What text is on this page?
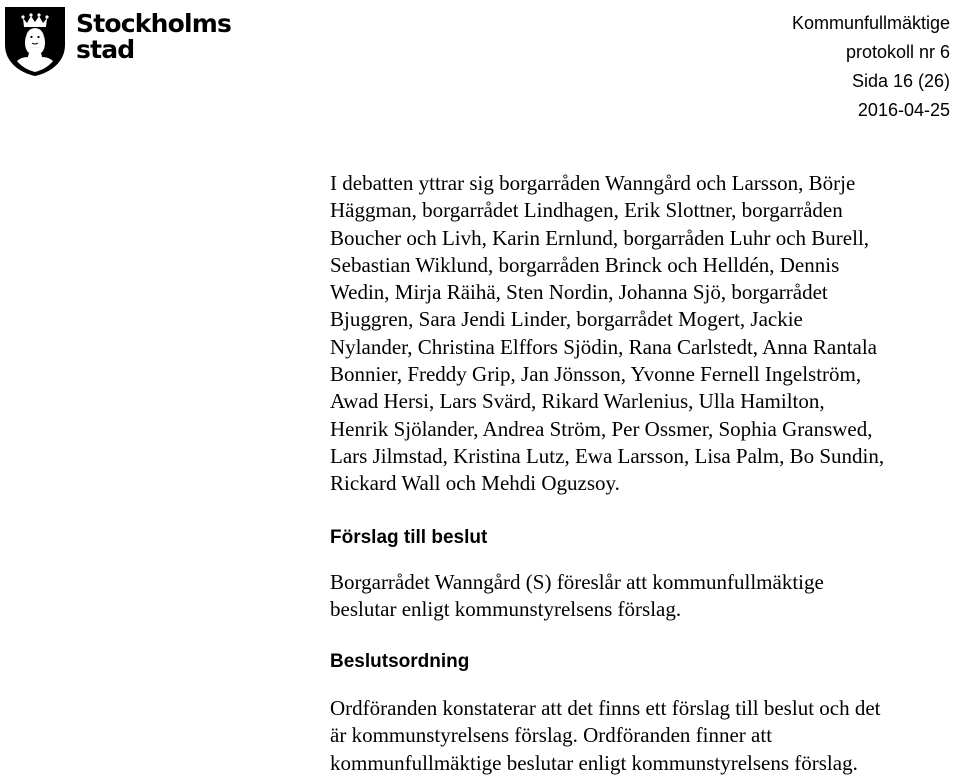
Stockholms
stad
Kommunfullmäktige
protokoll nr 6
Sida 16 (26)
2016-04-25
I debatten yttrar sig borgarråden Wanngård och Larsson, Börje
Häggman, borgarrådet Lindhagen, Erik Slottner, borgarråden
Boucher och Livh, Karin Ernlund, borgarråden Luhr och Burell,
Sebastian Wiklund, borgarråden Brinck och Helldén, Dennis
Wedin, Mirja Räihä, Sten Nordin, Johanna Sjö, borgarrådet
Bjuggren, Sara Jendi Linder, borgarrådet Mogert, Jackie
Nylander, Christina Elffors Sjödin, Rana Carlstedt, Anna Rantala
Bonnier, Freddy Grip, Jan Jönsson, Yvonne Fernell Ingelström,
Awad Hersi, Lars Svärd, Rikard Warlenius, Ulla Hamilton,
Henrik Sjölander, Andrea Ström, Per Ossmer, Sophia Granswed,
Lars Jilmstad, Kristina Lutz, Ewa Larsson, Lisa Palm, Bo Sundin,
Rickard Wall och Mehdi Oguzsoy.
Förslag till beslut
Borgarrådet Wanngård (S) föreslår att kommunfullmäktige
beslutar enligt kommunstyrelsens förslag.
Beslutsordning
Ordföranden konstaterar att det finns ett förslag till beslut och det
är kommunstyrelsens förslag. Ordföranden finner att
kommunfullmäktige beslutar enligt kommunstyrelsens förslag.
